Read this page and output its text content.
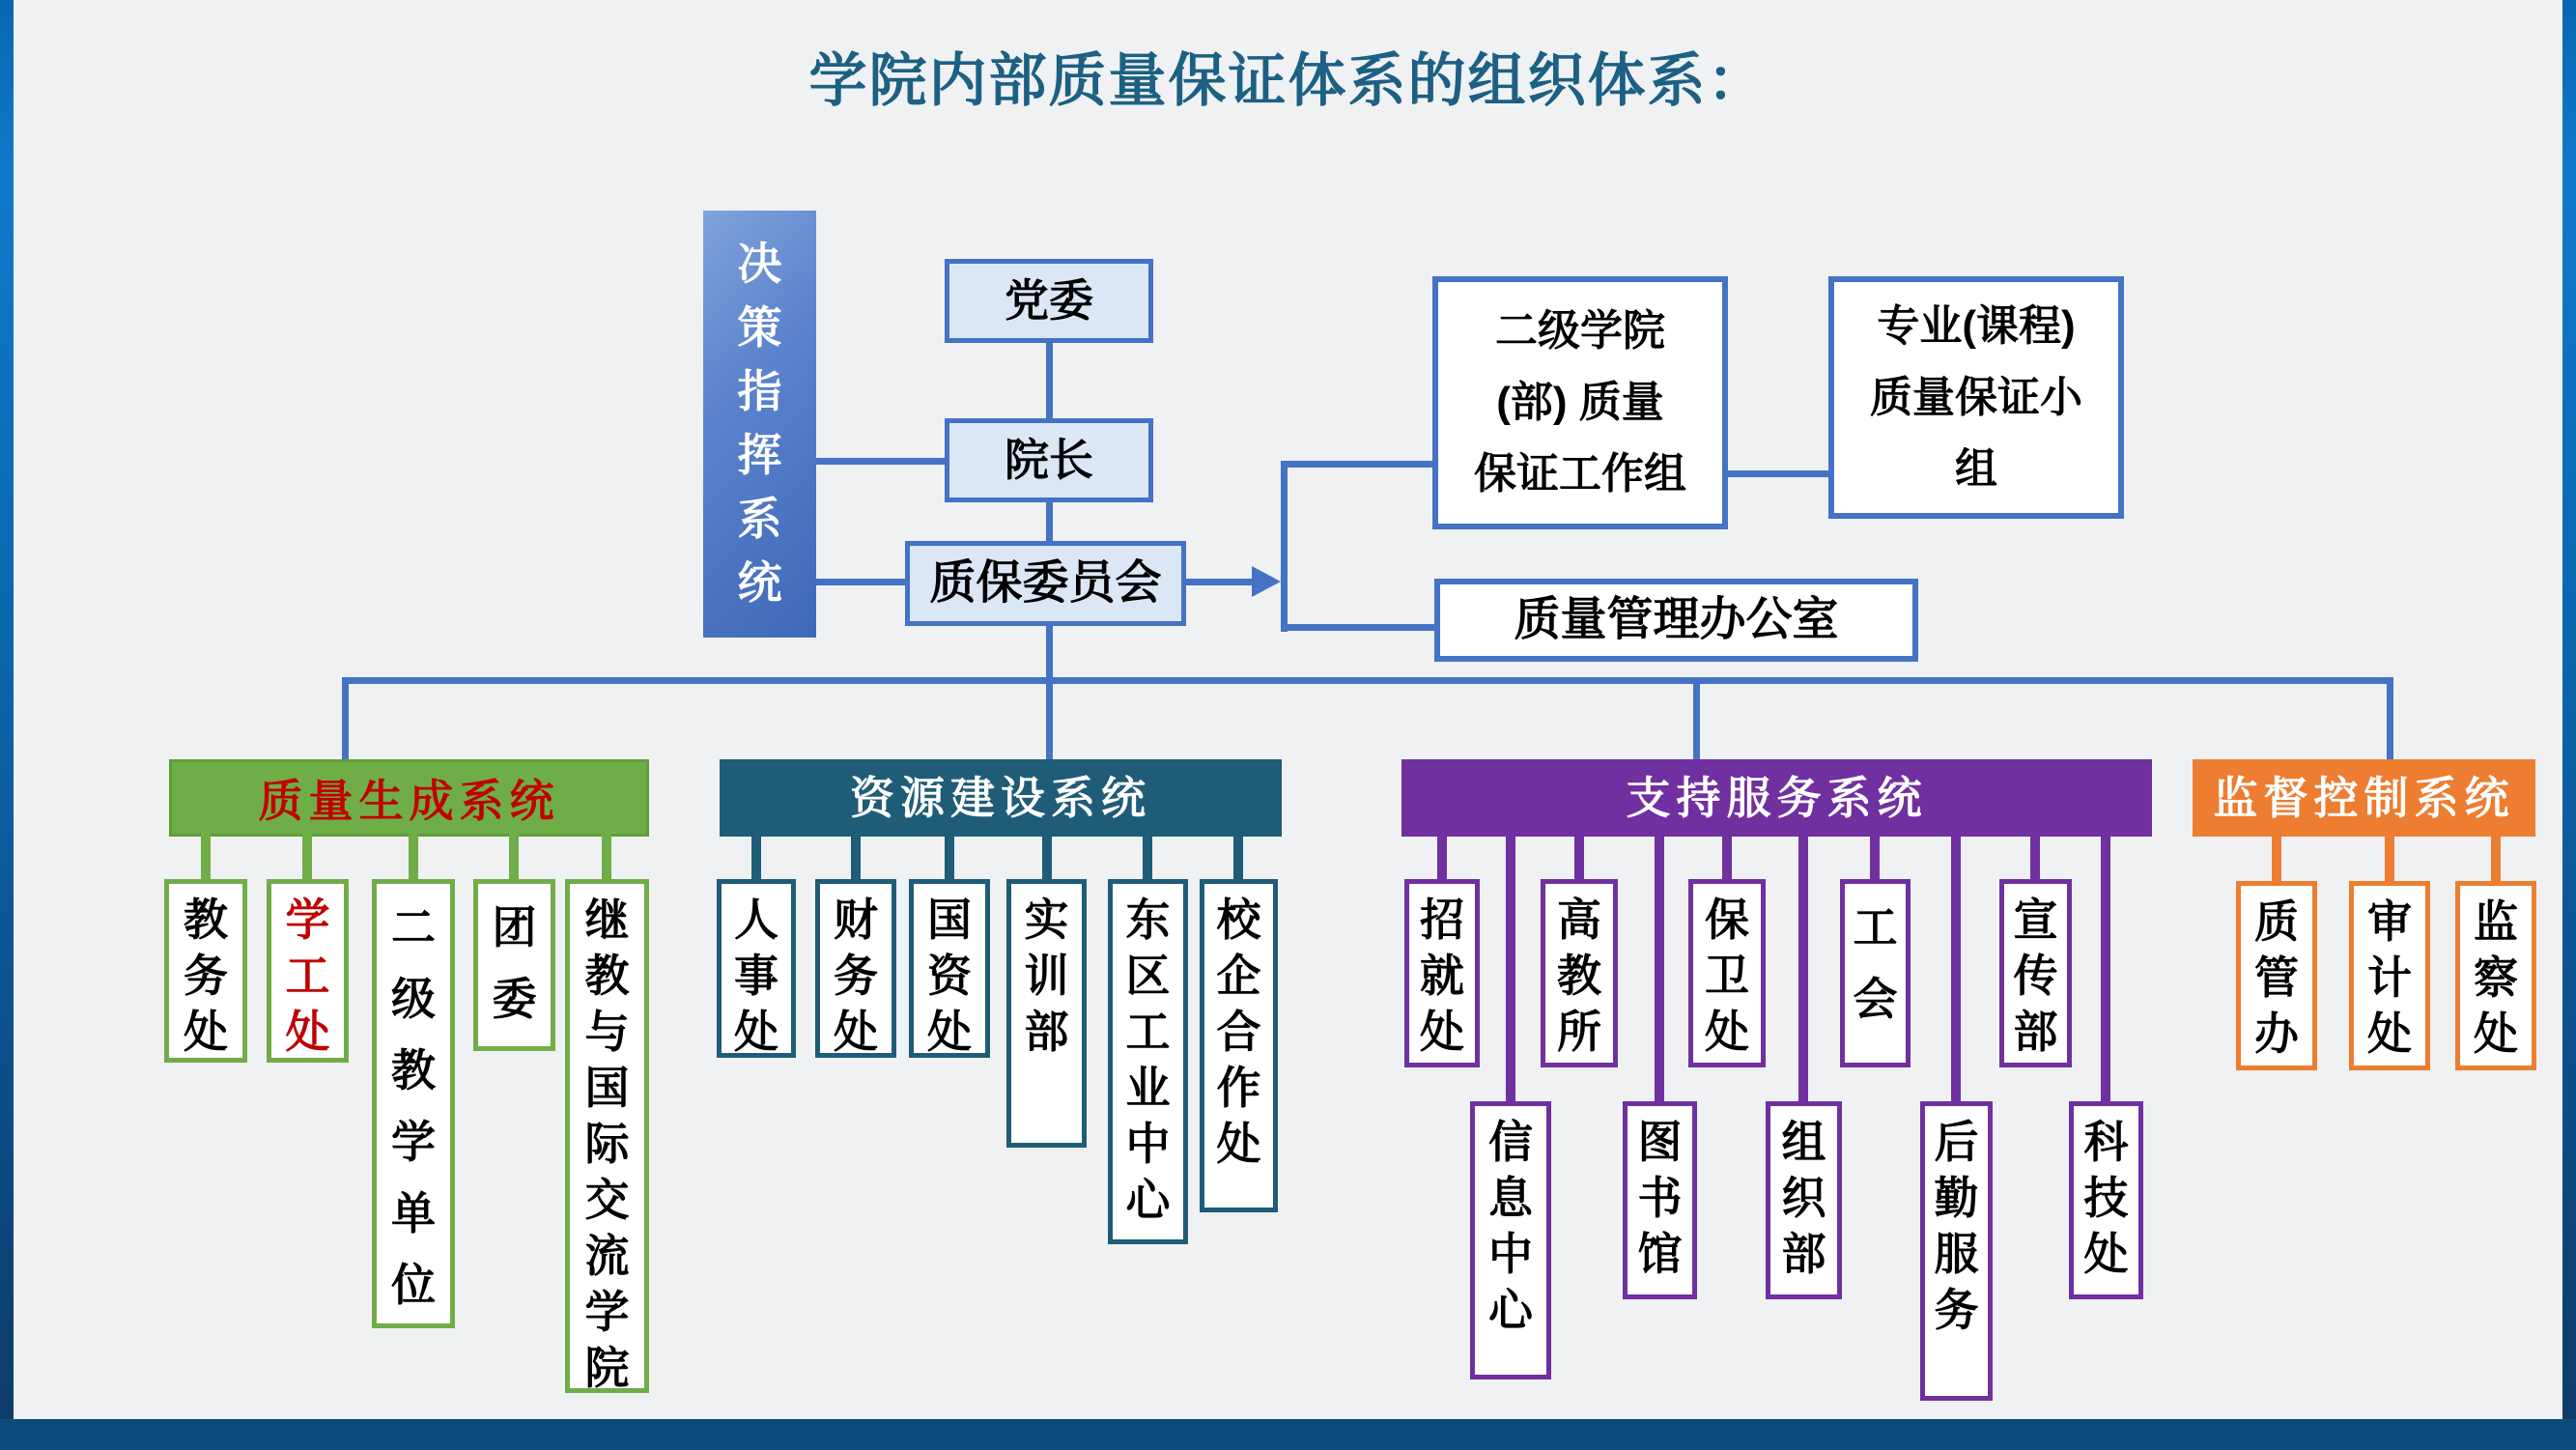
学院内部质量保证体系的组织体系：
决
策
指
挥
系
统
党委
院长
质保委员会
二级学院
(部) 质量
保证工作组
专业(课程)
质量保证小
组
质量管理办公室
质量生成系统	资源建设系统	支持服务系统	监督控制系统
教
务
处
学
工
处
二
级
教
学
单
位
团
委
继
教
与
国
际
交
流
学
院
人
事
处
财
务
处
国
资
处
实
训
部
东
区
工
业
中
心
校
企
合
作
处
招
就
处
高
教
所
保
卫
处
工
会
宣
传
部
信
息
中
心
图
书
馆
组
织
部
后
勤
服
务
科
技
处
质
管
办
审
计
处
监
察
处
